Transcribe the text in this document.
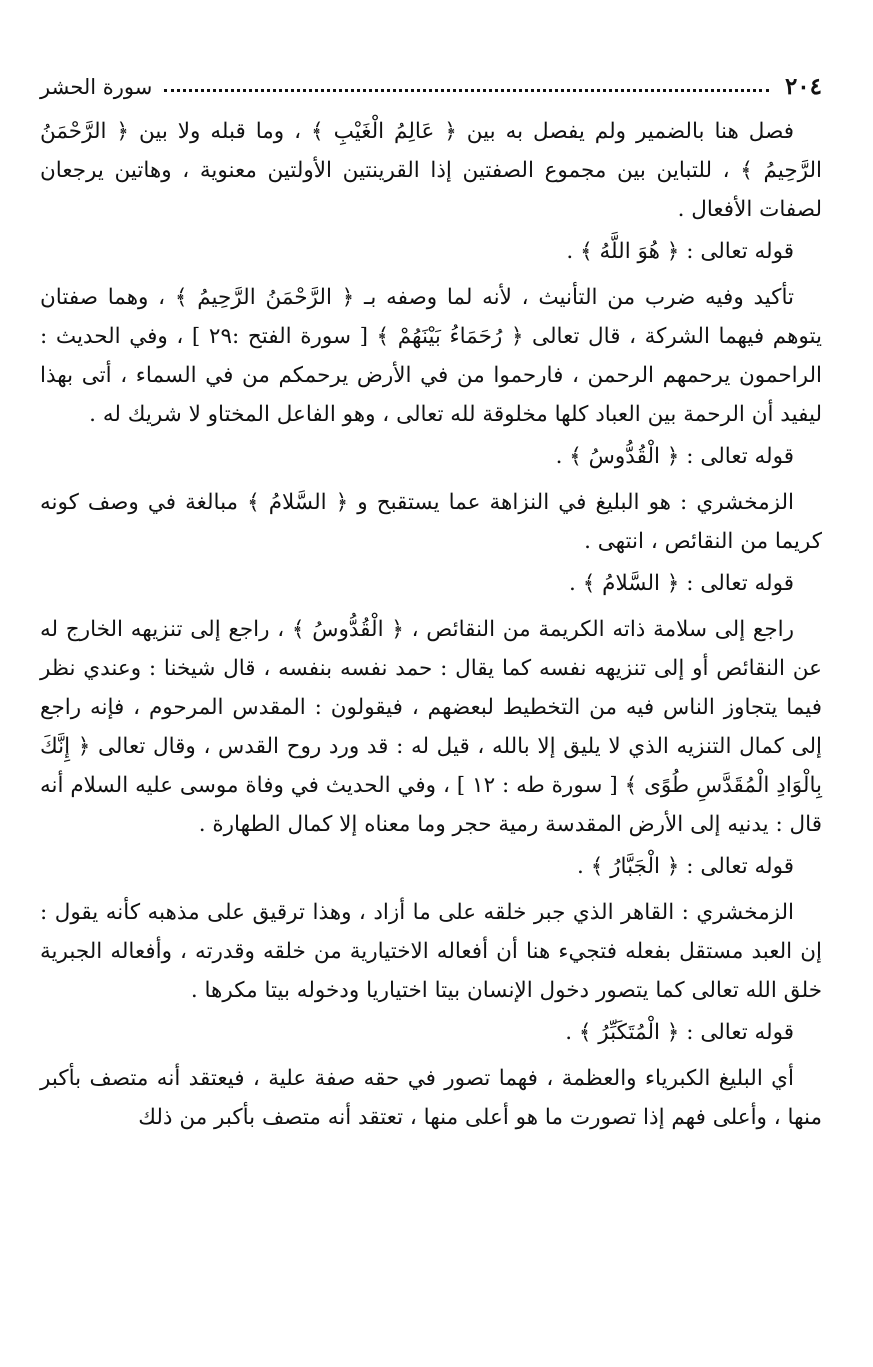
٢٠٤
سورة الحشر

فصل هنا بالضمير ولم يفصل به بين ﴿ عَالِمُ الْغَيْبِ ﴾ ، وما قبله ولا بين ﴿ الرَّحْمَنُ الرَّحِيمُ ﴾ ، للتباين بين مجموع الصفتين إذا القرينتين الأولتين معنوية ، وهاتين يرجعان لصفات الأفعال .

قوله تعالى : ﴿ هُوَ اللَّهُ ﴾ .

تأكيد وفيه ضرب من التأنيث ، لأنه لما وصفه بـ ﴿ الرَّحْمَنُ الرَّحِيمُ ﴾ ، وهما صفتان يتوهم فيهما الشركة ، قال تعالى ﴿ رُحَمَاءُ بَيْنَهُمْ ﴾ [ سورة الفتح :٢٩ ] ، وفي الحديث : الراحمون يرحمهم الرحمن ، فارحموا من في الأرض يرحمكم من في السماء ، أتى بهذا ليفيد أن الرحمة بين العباد كلها مخلوقة لله تعالى ، وهو الفاعل المختاو لا شريك له .

قوله تعالى : ﴿ الْقُدُّوسُ ﴾ .

الزمخشري : هو البليغ في النزاهة عما يستقبح و ﴿ السَّلامُ ﴾ مبالغة في وصف كونه كريما من النقائص ، انتهى .

قوله تعالى : ﴿ السَّلامُ ﴾ .

راجع إلى سلامة ذاته الكريمة من النقائص ، ﴿ الْقُدُّوسُ ﴾ ، راجع إلى تنزيهه الخارج له عن النقائص أو إلى تنزيهه نفسه كما يقال : حمد نفسه بنفسه ، قال شيخنا : وعندي نظر فيما يتجاوز الناس فيه من التخطيط لبعضهم ، فيقولون : المقدس المرحوم ، فإنه راجع إلى كمال التنزيه الذي لا يليق إلا بالله ، قيل له : قد ورد روح القدس ، وقال تعالى ﴿ إِنَّكَ بِالْوَادِ الْمُقَدَّسِ طُوًى ﴾ [ سورة طه : ١٢ ] ، وفي الحديث في وفاة موسى عليه السلام أنه قال : يدنيه إلى الأرض المقدسة رمية حجر وما معناه إلا كمال الطهارة .

قوله تعالى : ﴿ الْجَبَّارُ ﴾ .

الزمخشري : القاهر الذي جبر خلقه على ما أزاد ، وهذا ترقيق على مذهبه كأنه يقول : إن العبد مستقل بفعله فتجيء هنا أن أفعاله الاختيارية من خلقه وقدرته ، وأفعاله الجبرية خلق الله تعالى كما يتصور دخول الإنسان بيتا اختياريا ودخوله بيتا مكرها .

قوله تعالى : ﴿ الْمُتَكَبِّرُ ﴾ .

أي البليغ الكبرياء والعظمة ، فهما تصور في حقه صفة علية ، فيعتقد أنه متصف بأكبر منها ، وأعلى فهم إذا تصورت ما هو أعلى منها ، تعتقد أنه متصف بأكبر من ذلك
